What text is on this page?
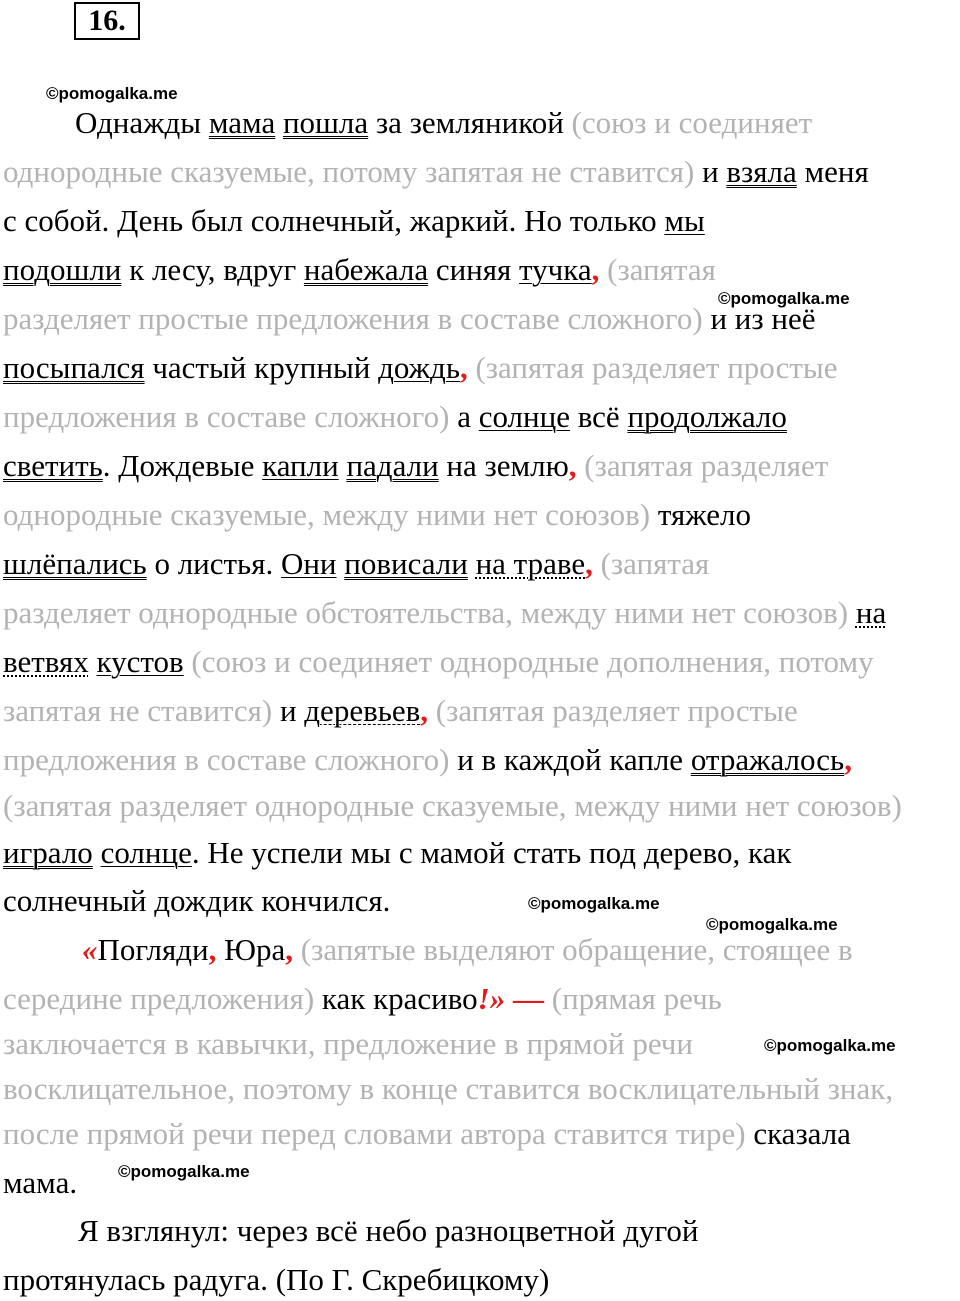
16.
©pomogalka.me
©pomogalka.me
©pomogalka.me
©pomogalka.me
©pomogalka.me
©pomogalka.me
Однажды мама пошла за земляникой (союз и соединяет
однородные сказуемые, потому запятая не ставится) и взяла меня
с собой. День был солнечный, жаркий. Но только мы
подошли к лесу, вдруг набежала синяя тучка, (запятая
разделяет простые предложения в составе сложного) и из неё
посыпался частый крупный дождь, (запятая разделяет простые
предложения в составе сложного) а солнце всё продолжало
светить. Дождевые капли падали на землю, (запятая разделяет
однородные сказуемые, между ними нет союзов) тяжело
шлёпались о листья. Они повисали на траве, (запятая
разделяет однородные обстоятельства, между ними нет союзов) на
ветвях кустов (союз и соединяет однородные дополнения, потому
запятая не ставится) и деревьев, (запятая разделяет простые
предложения в составе сложного) и в каждой капле отражалось,
(запятая разделяет однородные сказуемые, между ними нет союзов)
играло солнце. Не успели мы с мамой стать под дерево, как
солнечный дождик кончился.
«Погляди, Юра, (запятые выделяют обращение, стоящее в
середине предложения) как красиво!» — (прямая речь
заключается в кавычки, предложение в прямой речи
восклицательное, поэтому в конце ставится восклицательный знак,
после прямой речи перед словами автора ставится тире) сказала
мама.
Я взглянул: через всё небо разноцветной дугой
протянулась радуга. (По Г. Скребицкому)
